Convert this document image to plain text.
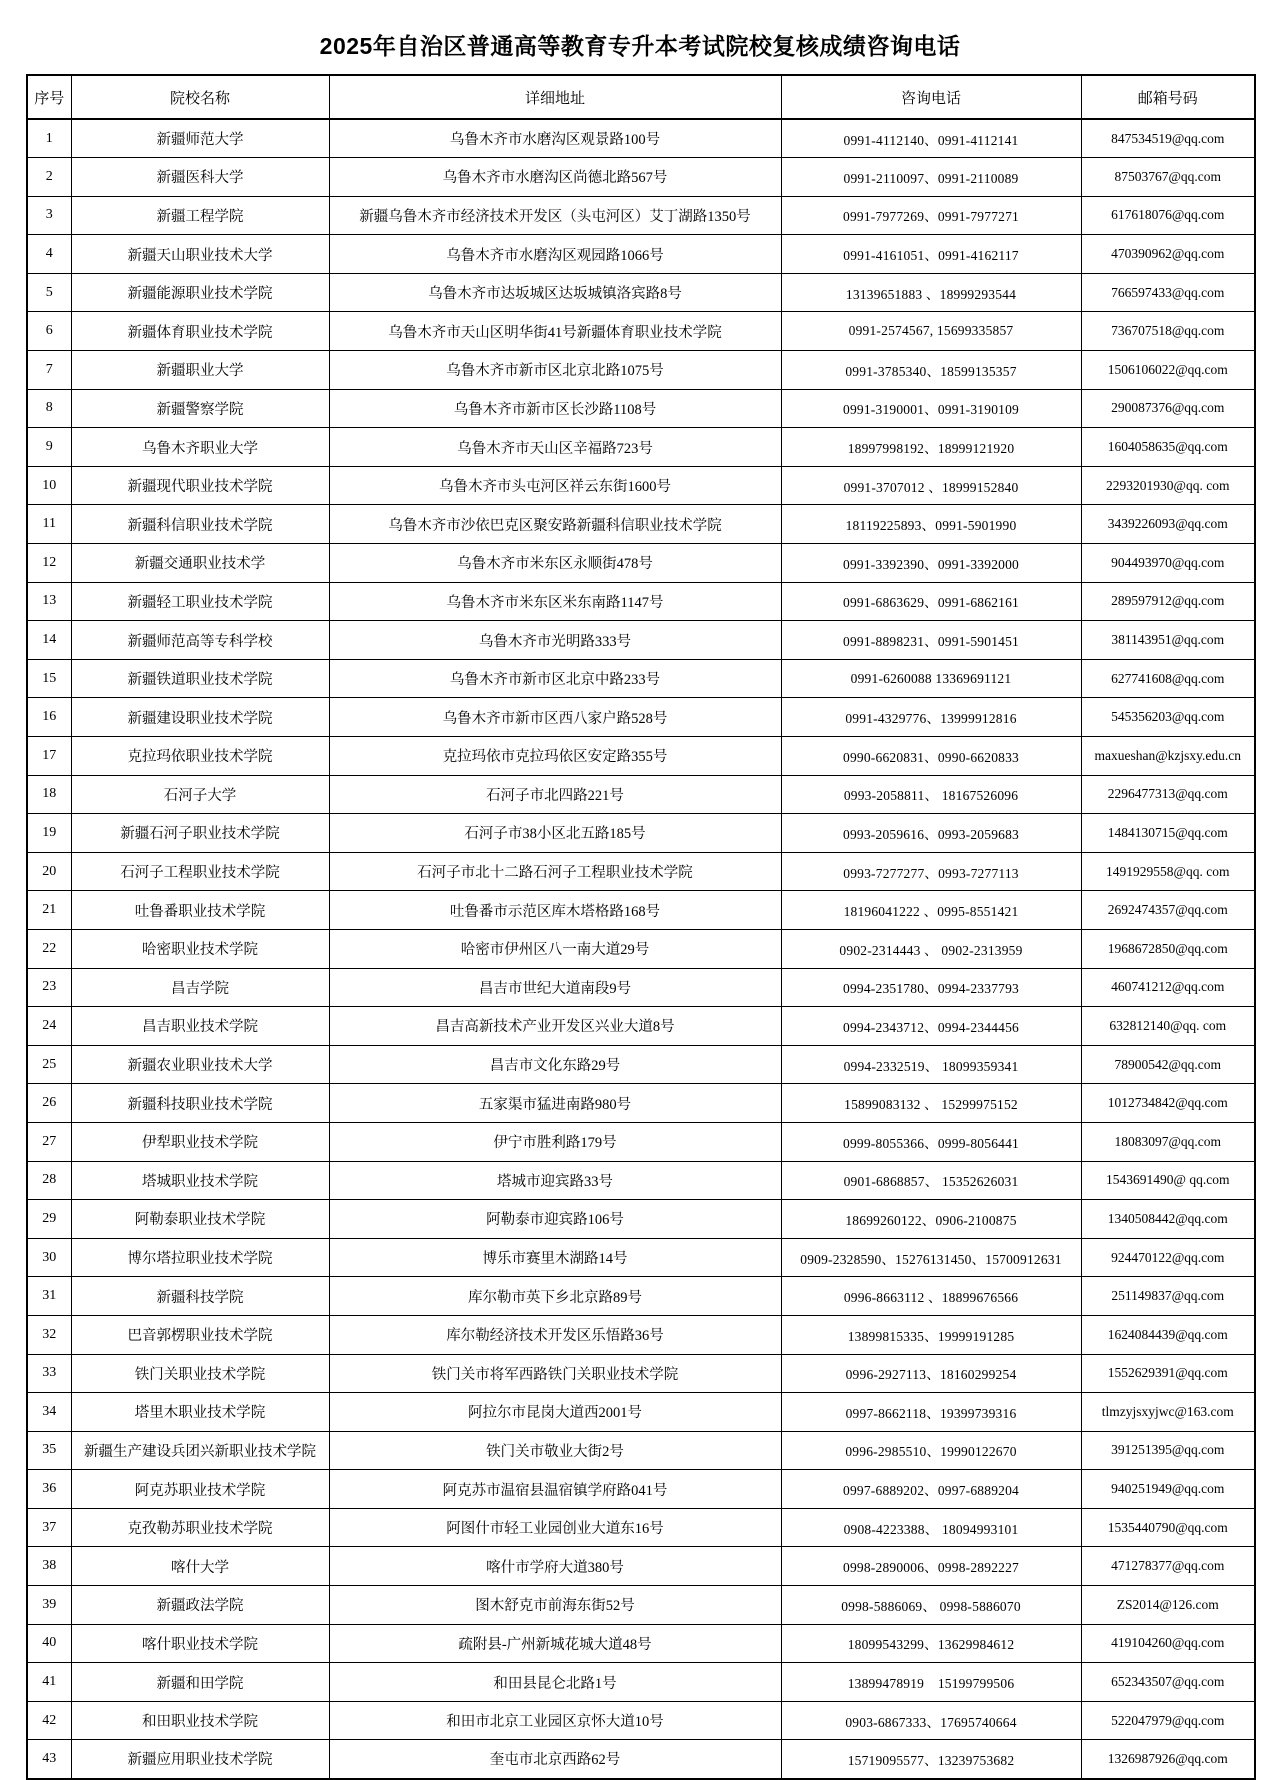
2025年自治区普通高等教育专升本考试院校复核成绩咨询电话
序号	院校名称	详细地址	咨询电话	邮箱号码
1	新疆师范大学	乌鲁木齐市水磨沟区观景路100号	0991-4112140、0991-4112141	847534519@qq.com
2	新疆医科大学	乌鲁木齐市水磨沟区尚德北路567号	0991-2110097、0991-2110089	87503767@qq.com
3	新疆工程学院	新疆乌鲁木齐市经济技术开发区（头屯河区）艾丁湖路1350号	0991-7977269、0991-7977271	617618076@qq.com
4	新疆天山职业技术大学	乌鲁木齐市水磨沟区观园路1066号	0991-4161051、0991-4162117	470390962@qq.com
5	新疆能源职业技术学院	乌鲁木齐市达坂城区达坂城镇洛宾路8号	13139651883 、18999293544	766597433@qq.com
6	新疆体育职业技术学院	乌鲁木齐市天山区明华街41号新疆体育职业技术学院	0991-2574567, 15699335857	736707518@qq.com
7	新疆职业大学	乌鲁木齐市新市区北京北路1075号	0991-3785340、18599135357	1506106022@qq.com
8	新疆警察学院	乌鲁木齐市新市区长沙路1108号	0991-3190001、0991-3190109	290087376@qq.com
9	乌鲁木齐职业大学	乌鲁木齐市天山区辛福路723号	18997998192、18999121920	1604058635@qq.com
10	新疆现代职业技术学院	乌鲁木齐市头屯河区祥云东街1600号	0991-3707012 、18999152840	2293201930@qq. com
11	新疆科信职业技术学院	乌鲁木齐市沙依巴克区聚安路新疆科信职业技术学院	18119225893、0991-5901990	3439226093@qq.com
12	新疆交通职业技术学	乌鲁木齐市米东区永顺街478号	0991-3392390、0991-3392000	904493970@qq.com
13	新疆轻工职业技术学院	乌鲁木齐市米东区米东南路1147号	0991-6863629、0991-6862161	289597912@qq.com
14	新疆师范高等专科学校	乌鲁木齐市光明路333号	0991-8898231、0991-5901451	381143951@qq.com
15	新疆铁道职业技术学院	乌鲁木齐市新市区北京中路233号	0991-6260088 13369691121	627741608@qq.com
16	新疆建设职业技术学院	乌鲁木齐市新市区西八家户路528号	0991-4329776、13999912816	545356203@qq.com
17	克拉玛依职业技术学院	克拉玛依市克拉玛依区安定路355号	0990-6620831、0990-6620833	maxueshan@kzjsxy.edu.cn
18	石河子大学	石河子市北四路221号	0993-2058811、 18167526096	2296477313@qq.com
19	新疆石河子职业技术学院	石河子市38小区北五路185号	0993-2059616、0993-2059683	1484130715@qq.com
20	石河子工程职业技术学院	石河子市北十二路石河子工程职业技术学院	0993-7277277、0993-7277113	1491929558@qq. com
21	吐鲁番职业技术学院	吐鲁番市示范区库木塔格路168号	18196041222 、0995-8551421	2692474357@qq.com
22	哈密职业技术学院	哈密市伊州区八一南大道29号	0902-2314443 、 0902-2313959	1968672850@qq.com
23	昌吉学院	昌吉市世纪大道南段9号	0994-2351780、0994-2337793	460741212@qq.com
24	昌吉职业技术学院	昌吉高新技术产业开发区兴业大道8号	0994-2343712、0994-2344456	632812140@qq. com
25	新疆农业职业技术大学	昌吉市文化东路29号	0994-2332519、 18099359341	78900542@qq.com
26	新疆科技职业技术学院	五家渠市猛进南路980号	15899083132 、 15299975152	1012734842@qq.com
27	伊犁职业技术学院	伊宁市胜利路179号	0999-8055366、0999-8056441	18083097@qq.com
28	塔城职业技术学院	塔城市迎宾路33号	0901-6868857、 15352626031	1543691490@ qq.com
29	阿勒泰职业技术学院	阿勒泰市迎宾路106号	18699260122、0906-2100875	1340508442@qq.com
30	博尔塔拉职业技术学院	博乐市赛里木湖路14号	0909-2328590、15276131450、15700912631	924470122@qq.com
31	新疆科技学院	库尔勒市英下乡北京路89号	0996-8663112 、18899676566	251149837@qq.com
32	巴音郭楞职业技术学院	库尔勒经济技术开发区乐悟路36号	13899815335、19999191285	1624084439@qq.com
33	铁门关职业技术学院	铁门关市将军西路铁门关职业技术学院	0996-2927113、18160299254	1552629391@qq.com
34	塔里木职业技术学院	阿拉尔市昆岗大道西2001号	0997-8662118、19399739316	tlmzyjsxyjwc@163.com
35	新疆生产建设兵团兴新职业技术学院	铁门关市敬业大街2号	0996-2985510、19990122670	391251395@qq.com
36	阿克苏职业技术学院	阿克苏市温宿县温宿镇学府路041号	0997-6889202、0997-6889204	940251949@qq.com
37	克孜勒苏职业技术学院	阿图什市轻工业园创业大道东16号	0908-4223388、 18094993101	1535440790@qq.com
38	喀什大学	喀什市学府大道380号	0998-2890006、0998-2892227	471278377@qq.com
39	新疆政法学院	图木舒克市前海东街52号	0998-5886069、 0998-5886070	ZS2014@126.com
40	喀什职业技术学院	疏附县-广州新城花城大道48号	18099543299、13629984612	419104260@qq.com
41	新疆和田学院	和田县昆仑北路1号	13899478919　15199799506	652343507@qq.com
42	和田职业技术学院	和田市北京工业园区京怀大道10号	0903-6867333、17695740664	522047979@qq.com
43	新疆应用职业技术学院	奎屯市北京西路62号	15719095577、13239753682	1326987926@qq.com
